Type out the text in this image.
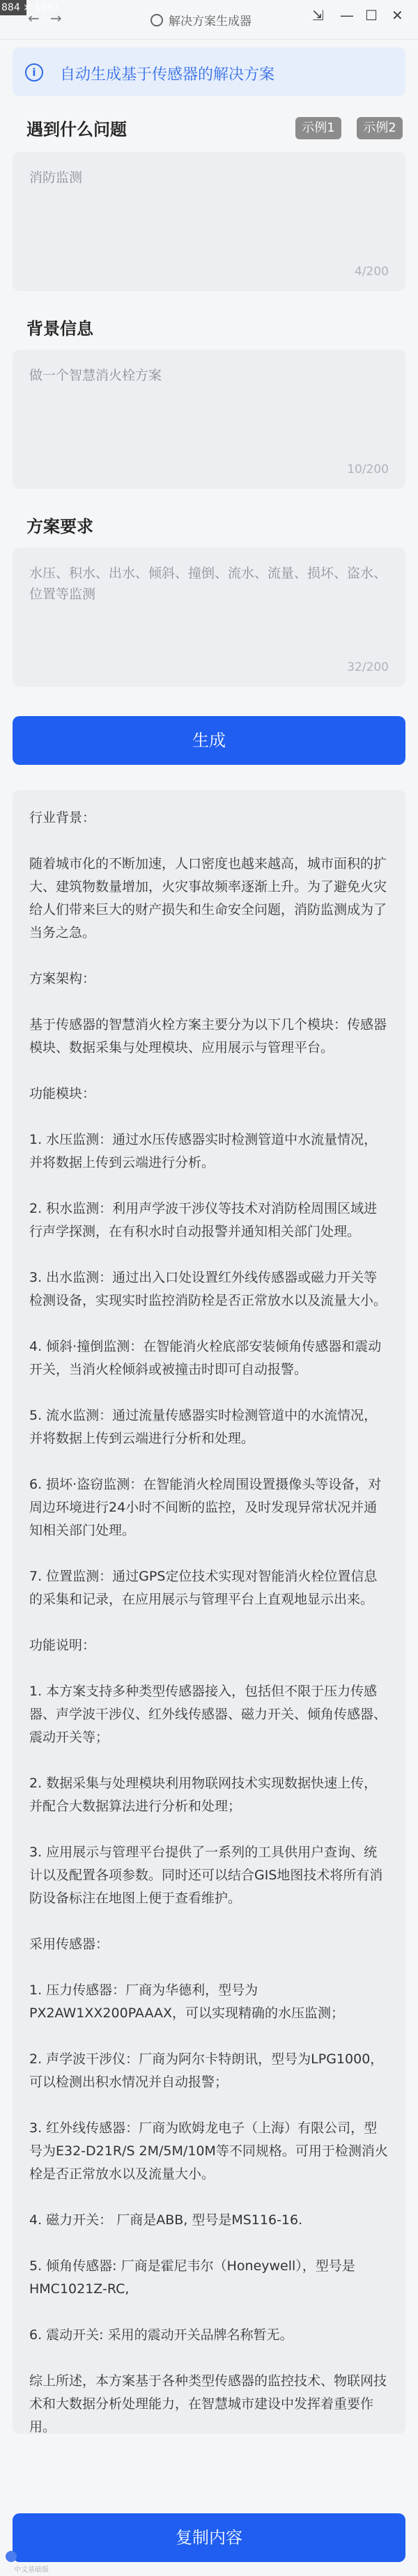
884 × 1667
← →	解决方案生成器	⇲ — ☐ ✕
i	自动生成基于传感器的解决方案
遇到什么问题	示例1	示例2
消防监测
4/200
背景信息
做一个智慧消火栓方案
10/200
方案要求
水压、积水、出水、倾斜、撞倒、流水、流量、损坏、盗水、位置等监测
32/200
生成

行业背景：

随着城市化的不断加速，人口密度也越来越高，城市面积的扩大、建筑物数量增加，火灾事故频率逐渐上升。为了避免火灾给人们带来巨大的财产损失和生命安全问题，消防监测成为了当务之急。

方案架构：

基于传感器的智慧消火栓方案主要分为以下几个模块：传感器模块、数据采集与处理模块、应用展示与管理平台。

功能模块：

1. 水压监测：通过水压传感器实时检测管道中水流量情况，并将数据上传到云端进行分析。

2. 积水监测：利用声学波干涉仪等技术对消防栓周围区域进行声学探测，在有积水时自动报警并通知相关部门处理。

3. 出水监测：通过出入口处设置红外线传感器或磁力开关等检测设备，实现实时监控消防栓是否正常放水以及流量大小。

4. 倾斜·撞倒监测：在智能消火栓底部安装倾角传感器和震动开关，当消火栓倾斜或被撞击时即可自动报警。

5. 流水监测：通过流量传感器实时检测管道中的水流情况，并将数据上传到云端进行分析和处理。

6. 损坏·盗窃监测：在智能消火栓周围设置摄像头等设备，对周边环境进行24小时不间断的监控，及时发现异常状况并通知相关部门处理。

7. 位置监测：通过GPS定位技术实现对智能消火栓位置信息的采集和记录，在应用展示与管理平台上直观地显示出来。

功能说明：

1. 本方案支持多种类型传感器接入，包括但不限于压力传感器、声学波干涉仪、红外线传感器、磁力开关、倾角传感器、震动开关等；

2. 数据采集与处理模块利用物联网技术实现数据快速上传，并配合大数据算法进行分析和处理；

3. 应用展示与管理平台提供了一系列的工具供用户查询、统计以及配置各项参数。同时还可以结合GIS地图技术将所有消防设备标注在地图上便于查看维护。

采用传感器：

1. 压力传感器：厂商为华德利，型号为PX2AW1XX200PAAAX，可以实现精确的水压监测；

2. 声学波干涉仪：厂商为阿尔卡特朗讯，型号为LPG1000，可以检测出积水情况并自动报警；

3. 红外线传感器：厂商为欧姆龙电子（上海）有限公司，型号为E32-D21R/S 2M/5M/10M等不同规格。可用于检测消火栓是否正常放水以及流量大小。

4. 磁力开关： 厂商是ABB, 型号是MS116-16.

5. 倾角传感器: 厂商是霍尼韦尔（Honeywell），型号是HMC1021Z-RC,

6. 震动开关: 采用的震动开关品牌名称暂无。

综上所述，本方案基于各种类型传感器的监控技术、物联网技术和大数据分析处理能力，在智慧城市建设中发挥着重要作用。

复制内容
中文基础版
